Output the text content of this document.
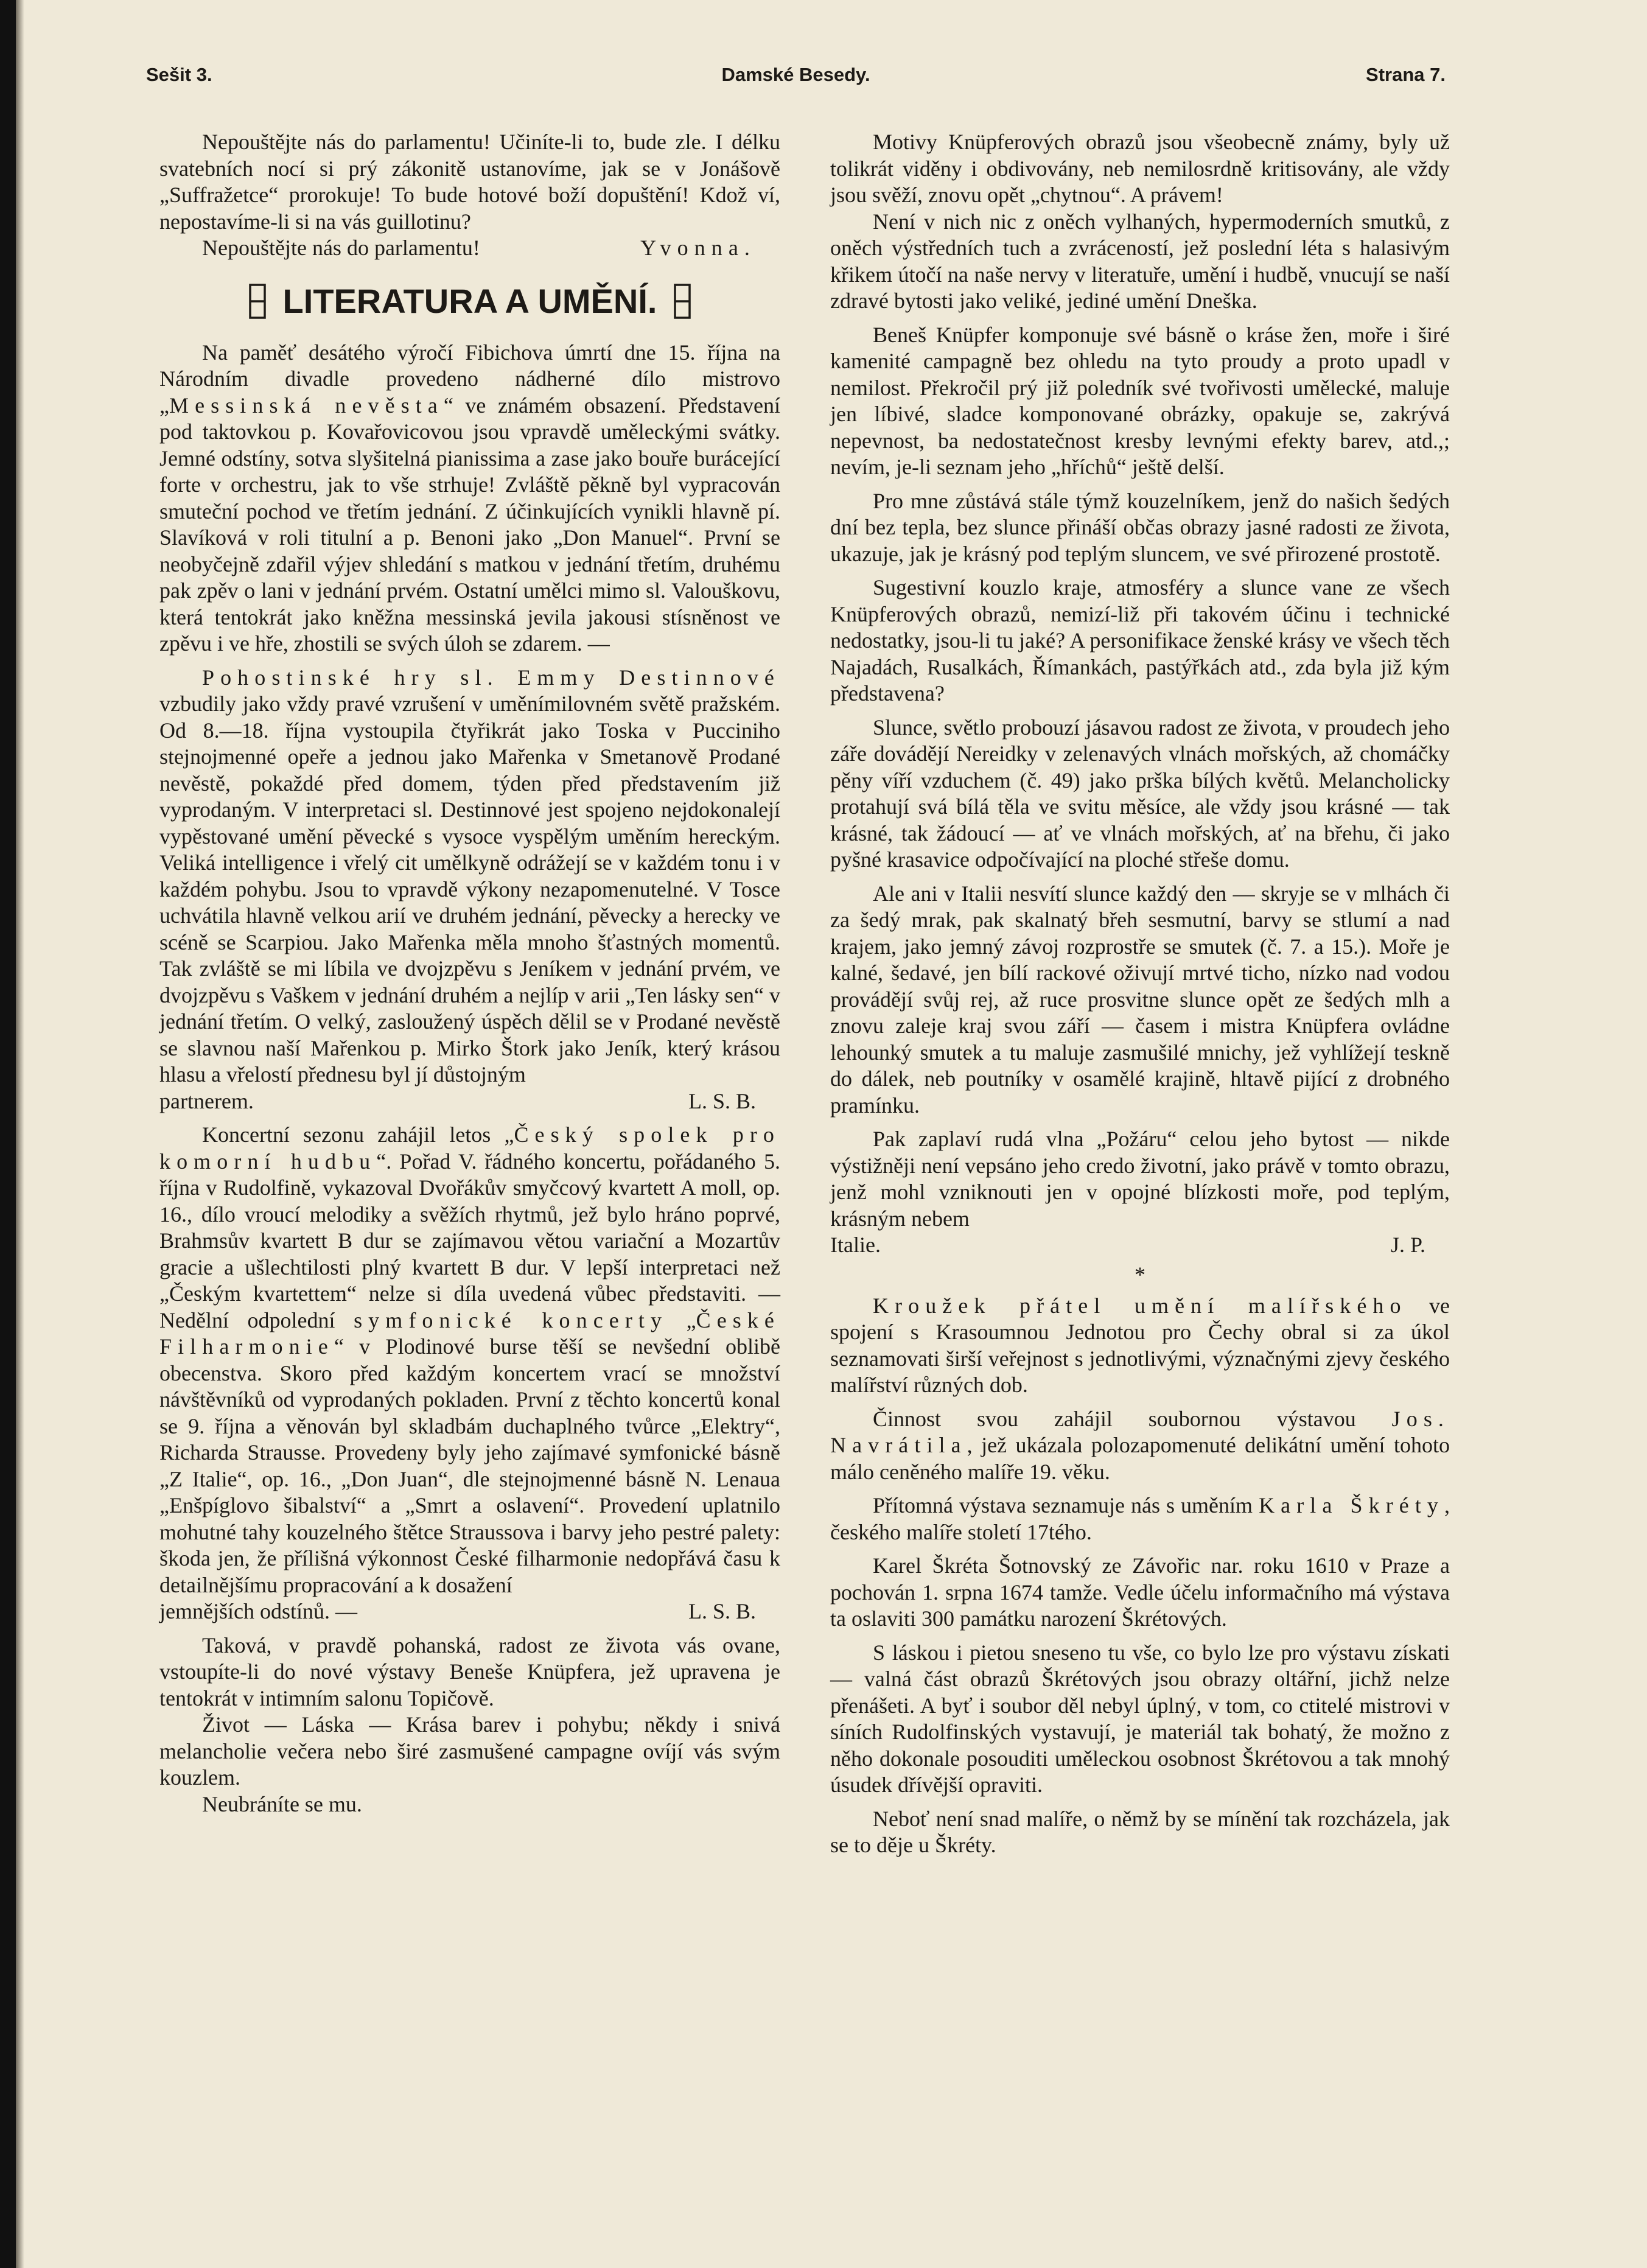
Sešit 3.	Damské Besedy.	Strana 7.

Nepouštějte nás do parlamentu! Učiníte-li to, bude zle. I délku svatebních nocí si prý zákonitě ustanovíme, jak se v Jonášově „Suffražetce“ prorokuje! To bude hotové boží dopuštění! Kdož ví, nepostavíme-li si na vás guillotinu?

Nepouštějte nás do parlamentu!	Yvonna.

LITERATURA A UMĚNÍ.

Na paměť desátého výročí Fibichova úmrtí dne 15. října na Národním divadle provedeno nádherné dílo mistrovo „Messinská nevěsta“ ve známém obsazení. Představení pod taktovkou p. Kovařovicovou jsou vpravdě uměleckými svátky. Jemné odstíny, sotva slyšitelná pianissima a zase jako bouře burácející forte v orchestru, jak to vše strhuje! Zvláště pěkně byl vypracován smuteční pochod ve třetím jednání. Z účinkujících vynikli hlavně pí. Slavíková v roli titulní a p. Benoni jako „Don Manuel“. První se neobyčejně zdařil výjev shledání s matkou v jednání třetím, druhému pak zpěv o lani v jednání prvém. Ostatní umělci mimo sl. Valouškovu, která tentokrát jako kněžna messinská jevila jakousi stísněnost ve zpěvu i ve hře, zhostili se svých úloh se zdarem. —

Pohostinské hry sl. Emmy Destinnové vzbudily jako vždy pravé vzrušení v uměnímilovném světě pražském. Od 8.—18. října vystoupila čtyřikrát jako Toska v Pucciniho stejnojmenné opeře a jednou jako Mařenka v Smetanově Prodané nevěstě, pokaždé před domem, týden před představením již vyprodaným. V interpretaci sl. Destinnové jest spojeno nejdokonalejí vypěstované umění pěvecké s vysoce vyspělým uměním hereckým. Veliká intelligence i vřelý cit umělkyně odrážejí se v každém tonu i v každém pohybu. Jsou to vpravdě výkony nezapomenutelné. V Tosce uchvátila hlavně velkou arií ve druhém jednání, pěvecky a herecky ve scéně se Scarpiou. Jako Mařenka měla mnoho šťastných momentů. Tak zvláště se mi líbila ve dvojzpěvu s Jeníkem v jednání prvém, ve dvojzpěvu s Vaškem v jednání druhém a nejlíp v arii „Ten lásky sen“ v jednání třetím. O velký, zasloužený úspěch dělil se v Prodané nevěstě se slavnou naší Mařenkou p. Mirko Štork jako Jeník, který krásou hlasu a vřelostí přednesu byl jí důstojným

partnerem.	L. S. B.

Koncertní sezonu zahájil letos „Český spolek pro komorní hudbu“. Pořad V. řádného koncertu, pořádaného 5. října v Rudolfině, vykazoval Dvořákův smyčcový kvartett A moll, op. 16., dílo vroucí melodiky a svěžích rhytmů, jež bylo hráno poprvé, Brahmsův kvartett B dur se zajímavou větou variační a Mozartův gracie a ušlechtilosti plný kvartett B dur. V lepší interpretaci než „Českým kvartettem“ nelze si díla uvedená vůbec představiti. — Nedělní odpolední symfonické koncerty „České Filharmonie“ v Plodinové burse těší se nevšední oblibě obecenstva. Skoro před každým koncertem vrací se množství návštěvníků od vyprodaných pokladen. První z těchto koncertů konal se 9. října a věnován byl skladbám duchaplného tvůrce „Elektry“, Richarda Strausse. Provedeny byly jeho zajímavé symfonické básně „Z Italie“, op. 16., „Don Juan“, dle stejnojmenné básně N. Lenaua „Enšpíglovo šibalství“ a „Smrt a oslavení“. Provedení uplatnilo mohutné tahy kouzelného štětce Straussova i barvy jeho pestré palety: škoda jen, že přílišná výkonnost České filharmonie nedopřává času k detailnějšímu propracování a k dosažení

jemnějších odstínů. —	L. S. B.

Taková, v pravdě pohanská, radost ze života vás ovane, vstoupíte-li do nové výstavy Beneše Knüpfera, jež upravena je tentokrát v intimním salonu Topičově.

Život — Láska — Krása barev i pohybu; někdy i snivá melancholie večera nebo širé zasmušené campagne ovíjí vás svým kouzlem.

Neubráníte se mu.

Motivy Knüpferových obrazů jsou všeobecně známy, byly už tolikrát viděny i obdivovány, neb nemilosrdně kritisovány, ale vždy jsou svěží, znovu opět „chytnou“. A právem!

Není v nich nic z oněch vylhaných, hypermoderních smutků, z oněch výstředních tuch a zvráceností, jež poslední léta s halasivým křikem útočí na naše nervy v literatuře, umění i hudbě, vnucují se naší zdravé bytosti jako veliké, jediné umění Dneška.

Beneš Knüpfer komponuje své básně o kráse žen, moře i širé kamenité campagně bez ohledu na tyto proudy a proto upadl v nemilost. Překročil prý již poledník své tvořivosti umělecké, maluje jen líbivé, sladce komponované obrázky, opakuje se, zakrývá nepevnost, ba nedostatečnost kresby levnými efekty barev, atd.,; nevím, je-li seznam jeho „hříchů“ ještě delší.

Pro mne zůstává stále týmž kouzelníkem, jenž do našich šedých dní bez tepla, bez slunce přináší občas obrazy jasné radosti ze života, ukazuje, jak je krásný pod teplým sluncem, ve své přirozené prostotě.

Sugestivní kouzlo kraje, atmosféry a slunce vane ze všech Knüpferových obrazů, nemizí-liž při takovém účinu i technické nedostatky, jsou-li tu jaké? A personifikace ženské krásy ve všech těch Najadách, Rusalkách, Římankách, pastýřkách atd., zda byla již kým představena?

Slunce, světlo probouzí jásavou radost ze života, v proudech jeho záře dovádějí Nereidky v zelenavých vlnách mořských, až chomáčky pěny víří vzduchem (č. 49) jako prška bílých květů. Melancholicky protahují svá bílá těla ve svitu měsíce, ale vždy jsou krásné — tak krásné, tak žádoucí — ať ve vlnách mořských, ať na břehu, či jako pyšné krasavice odpočívající na ploché střeše domu.

Ale ani v Italii nesvítí slunce každý den — skryje se v mlhách či za šedý mrak, pak skalnatý břeh sesmutní, barvy se stlumí a nad krajem, jako jemný závoj rozprostře se smutek (č. 7. a 15.). Moře je kalné, šedavé, jen bílí rackové oživují mrtvé ticho, nízko nad vodou provádějí svůj rej, až ruce prosvitne slunce opět ze šedých mlh a znovu zaleje kraj svou září — časem i mistra Knüpfera ovládne lehounký smutek a tu maluje zasmušilé mnichy, jež vyhlížejí teskně do dálek, neb poutníky v osamělé krajině, hltavě pijící z drobného pramínku.

Pak zaplaví rudá vlna „Požáru“ celou jeho bytost — nikde výstižněji není vepsáno jeho credo životní, jako právě v tomto obrazu, jenž mohl vzniknouti jen v opojné blízkosti moře, pod teplým, krásným nebem

Italie.	J. P.

*

Kroužek přátel umění malířského ve spojení s Krasoumnou Jednotou pro Čechy obral si za úkol seznamovati širší veřejnost s jednotlivými, význačnými zjevy českého malířství různých dob.

Činnost svou zahájil soubornou výstavou Jos. Navrátila, jež ukázala polozapomenuté delikátní umění tohoto málo ceněného malíře 19. věku.

Přítomná výstava seznamuje nás s uměním Karla Škréty, českého malíře století 17tého.

Karel Škréta Šotnovský ze Závořic nar. roku 1610 v Praze a pochován 1. srpna 1674 tamže. Vedle účelu informačního má výstava ta oslaviti 300 památku narození Škrétových.

S láskou i pietou sneseno tu vše, co bylo lze pro výstavu získati — valná část obrazů Škrétových jsou obrazy oltářní, jichž nelze přenášeti. A byť i soubor děl nebyl úplný, v tom, co ctitelé mistrovi v síních Rudolfinských vystavují, je materiál tak bohatý, že možno z něho dokonale posouditi uměleckou osobnost Škrétovou a tak mnohý úsudek dřívější opraviti.

Neboť není snad malíře, o němž by se mínění tak rozcházela, jak se to děje u Škréty.
